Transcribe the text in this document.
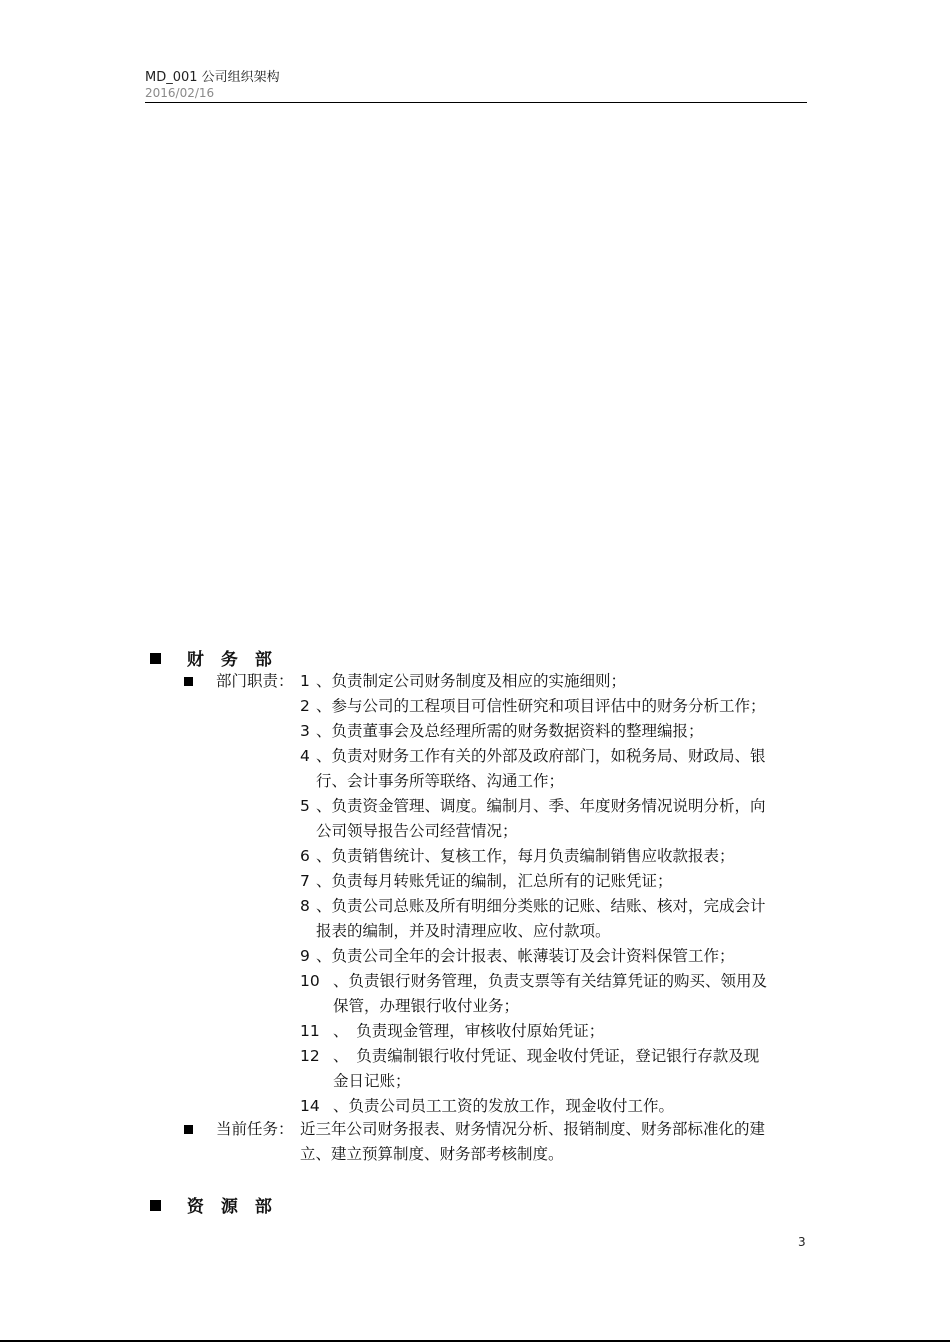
MD_001 公司组织架构
2016/02/16
财 务 部
部门职责： 1 、负责制定公司财务制度及相应的实施细则；
2 、参与公司的工程项目可信性研究和项目评估中的财务分析工作；
3 、负责董事会及总经理所需的财务数据资料的整理编报；
4 、负责对财务工作有关的外部及政府部门，如税务局、财政局、银
行、会计事务所等联络、沟通工作；
5 、负责资金管理、调度。编制月、季、年度财务情况说明分析，向
公司领导报告公司经营情况；
6 、负责销售统计、复核工作，每月负责编制销售应收款报表；
7 、负责每月转账凭证的编制，汇总所有的记账凭证；
8 、负责公司总账及所有明细分类账的记账、结账、核对，完成会计
报表的编制，并及时清理应收、应付款项。
9 、负责公司全年的会计报表、帐薄装订及会计资料保管工作；
10 、负责银行财务管理，负责支票等有关结算凭证的购买、领用及
保管，办理银行收付业务；
11 、　负责现金管理，审核收付原始凭证；
12 、　负责编制银行收付凭证、现金收付凭证，登记银行存款及现
金日记账；
14 、负责公司员工工资的发放工作，现金收付工作。
当前任务： 近三年公司财务报表、财务情况分析、报销制度、财务部标准化的建
立、建立预算制度、财务部考核制度。
资 源 部
3
